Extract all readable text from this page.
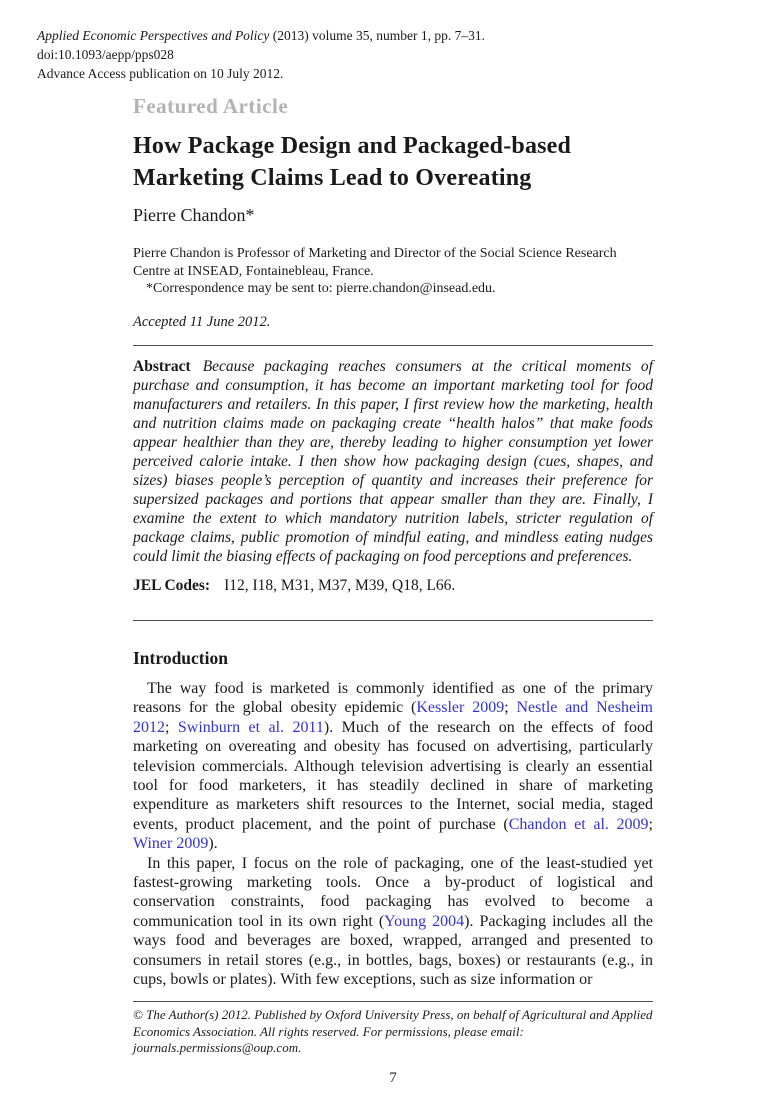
Applied Economic Perspectives and Policy (2013) volume 35, number 1, pp. 7–31.
doi:10.1093/aepp/pps028
Advance Access publication on 10 July 2012.
Featured Article
How Package Design and Packaged-based Marketing Claims Lead to Overeating
Pierre Chandon*

Pierre Chandon is Professor of Marketing and Director of the Social Science Research Centre at INSEAD, Fontainebleau, France.

*Correspondence may be sent to: pierre.chandon@insead.edu.

Accepted 11 June 2012.

Abstract Because packaging reaches consumers at the critical moments of purchase and consumption, it has become an important marketing tool for food manufacturers and retailers. In this paper, I first review how the marketing, health and nutrition claims made on packaging create “health halos” that make foods appear healthier than they are, thereby leading to higher consumption yet lower perceived calorie intake. I then show how packaging design (cues, shapes, and sizes) biases people’s perception of quantity and increases their preference for supersized packages and portions that appear smaller than they are. Finally, I examine the extent to which mandatory nutrition labels, stricter regulation of package claims, public promotion of mindful eating, and mindless eating nudges could limit the biasing effects of packaging on food perceptions and preferences.

JEL Codes: I12, I18, M31, M37, M39, Q18, L66.

Introduction

The way food is marketed is commonly identified as one of the primary reasons for the global obesity epidemic (Kessler 2009; Nestle and Nesheim 2012; Swinburn et al. 2011). Much of the research on the effects of food marketing on overeating and obesity has focused on advertising, particularly television commercials. Although television advertising is clearly an essential tool for food marketers, it has steadily declined in share of marketing expenditure as marketers shift resources to the Internet, social media, staged events, product placement, and the point of purchase (Chandon et al. 2009; Winer 2009).

In this paper, I focus on the role of packaging, one of the least-studied yet fastest-growing marketing tools. Once a by-product of logistical and conservation constraints, food packaging has evolved to become a communication tool in its own right (Young 2004). Packaging includes all the ways food and beverages are boxed, wrapped, arranged and presented to consumers in retail stores (e.g., in bottles, bags, boxes) or restaurants (e.g., in cups, bowls or plates). With few exceptions, such as size information or

© The Author(s) 2012. Published by Oxford University Press, on behalf of Agricultural and Applied Economics Association. All rights reserved. For permissions, please email: journals.permissions@oup.com.

7
